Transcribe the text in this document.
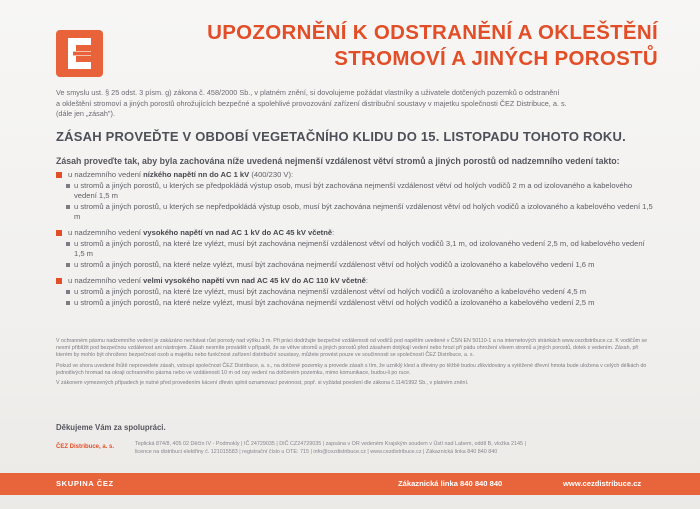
UPOZORNĚNÍ K ODSTRANĚNÍ A OKLEŠTĚNÍ
STROMOVÍ A JINÝCH POROSTŮ
Ve smyslu ust. § 25 odst. 3 písm. g) zákona č. 458/2000 Sb., v platném znění, si dovolujeme požádat vlastníky a uživatele dotčených pozemků o odstranění
a okleštění stromoví a jiných porostů ohrožujících bezpečné a spolehlivé provozování zařízení distribuční soustavy v majetku společnosti ČEZ Distribuce, a. s.
(dále jen „zásah").
ZÁSAH PROVEĎTE V OBDOBÍ VEGETAČNÍHO KLIDU DO 15. LISTOPADU TOHOTO ROKU.
Zásah proveďte tak, aby byla zachována níže uvedená nejmenší vzdálenost větví stromů a jiných porostů od nadzemního vedení takto:
u nadzemního vedení nízkého napětí nn do AC 1 kV (400/230 V):
u stromů a jiných porostů, u kterých se předpokládá výstup osob, musí být zachována nejmenší vzdálenost větví od holých vodičů 2 m a od izolovaného a kabelového vedení 1,5 m
u stromů a jiných porostů, u kterých se nepředpokládá výstup osob, musí být zachována nejmenší vzdálenost větví od holých vodičů a izolovaného a kabelového vedení 1,5 m
u nadzemního vedení vysokého napětí vn nad AC 1 kV do AC 45 kV včetně:
u stromů a jiných porostů, na které lze vylézt, musí být zachována nejmenší vzdálenost větví od holých vodičů 3,1 m, od izolovaného vedení 2,5 m, od kabelového vedení 1,5 m
u stromů a jiných porostů, na které nelze vylézt, musí být zachována nejmenší vzdálenost větví od holých vodičů a izolovaného a kabelového vedení 1,6 m
u nadzemního vedení velmi vysokého napětí vvn nad AC 45 kV do AC 110 kV včetně:
u stromů a jiných porostů, na které lze vylézt, musí být zachována nejmenší vzdálenost větví od holých vodičů a izolovaného a kabelového vedení 4,5 m
u stromů a jiných porostů, na které nelze vylézt, musí být zachována nejmenší vzdálenost větví od holých vodičů a izolovaného a kabelového vedení 2,5 m

V ochranném pásmu nadzemního vedení je zakázáno nechávat růst porosty nad výšku 3 m. Při práci dodržujte bezpečné vzdálenosti od vodičů pod napětím uvedené v ČSN EN 50110-1 a na internetových stránkách www.cezdistribuce.cz. K vodičům se nesmí přiblížit pod bezpečnou vzdálenost ani nástrojem. Zásah nesmíte provádět v případě, že se větve stromů a jiných porostů před zásahem dotýkají vedení nebo hrozí při pádu ohrožení vlivem stromů a jiných porostů, dotek s vedením. Zásah, při kterém by mohlo být ohroženo bezpečnost osob a majetku nebo funkčnost zařízení distribuční soustavy, můžete provést pouze ve součinnosti se společností ČEZ Distribuce, a. s.

Pokud ve shora uvedené lhůtě neprovedete zásah, vstoupí společnost ČEZ Distribuce, a. s., na dotčené pozemky a provede zásah s tím, že uzniklý klest a dřeviny po těžbě budou zlikvidovány a vytěžené dřevní hmota bude uložena v celých délkách do jednotlivých hromad na okraji ochranného pásma nebo ve vzdálenosti 10 m od osy vedení na dotčeném pozemku, mimo komunikace, budou-li po ruce.

V zákonem vymezených případech je nutné před provedením kácení dřevin splnit oznamovací povinnost, popř. si vyžádat povolení dle zákona č.114/1992 Sb., v platném znění.

Děkujeme Vám za spolupráci.
ČEZ Distribuce, a. s.	Teplická 874/8, 405 02 Děčín IV - Podmokly | IČ 24729035 | DIČ CZ24729035 | zapsána v OR vedeném Krajským soudem v Ústí nad Labem, oddíl B, vložka 2145 |
licence na distribuci elektřiny č. 121015583 | registrační číslo u OTE: 715 | info@cezdistribuce.cz | www.cezdistribuce.cz | Zákaznická linka 840 840 840
SKUPINA ČEZ	Zákaznická linka 840 840 840	www.cezdistribuce.cz
